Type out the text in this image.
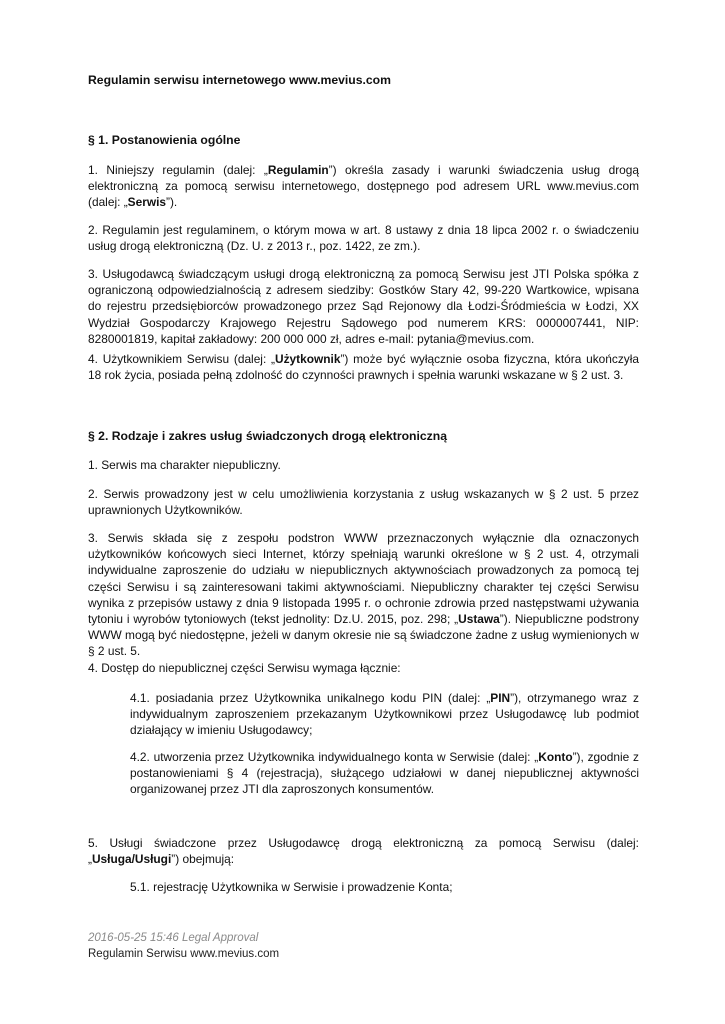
Regulamin serwisu internetowego www.mevius.com

§ 1. Postanowienia ogólne

1. Niniejszy regulamin (dalej: „Regulamin”) określa zasady i warunki świadczenia usług drogą elektroniczną za pomocą serwisu internetowego, dostępnego pod adresem URL www.mevius.com (dalej: „Serwis”).

2. Regulamin jest regulaminem, o którym mowa w art. 8 ustawy z dnia 18 lipca 2002 r. o świadczeniu usług drogą elektroniczną (Dz. U. z 2013 r., poz. 1422, ze zm.).

3. Usługodawcą świadczącym usługi drogą elektroniczną za pomocą Serwisu jest JTI Polska spółka z ograniczoną odpowiedzialnością z adresem siedziby: Gostków Stary 42, 99-220 Wartkowice, wpisana do rejestru przedsiębiorców prowadzonego przez Sąd Rejonowy dla Łodzi-Śródmieścia w Łodzi, XX Wydział Gospodarczy Krajowego Rejestru Sądowego pod numerem KRS: 0000007441, NIP: 8280001819, kapitał zakładowy: 200 000 000 zł, adres e-mail: pytania@mevius.com.

4. Użytkownikiem Serwisu (dalej: „Użytkownik”) może być wyłącznie osoba fizyczna, która ukończyła 18 rok życia, posiada pełną zdolność do czynności prawnych i spełnia warunki wskazane w § 2 ust. 3.

§ 2. Rodzaje i zakres usług świadczonych drogą elektroniczną

1. Serwis ma charakter niepubliczny.

2. Serwis prowadzony jest w celu umożliwienia korzystania z usług wskazanych w § 2 ust. 5 przez uprawnionych Użytkowników.

3. Serwis składa się z zespołu podstron WWW przeznaczonych wyłącznie dla oznaczonych użytkowników końcowych sieci Internet, którzy spełniają warunki określone w § 2 ust. 4, otrzymali indywidualne zaproszenie do udziału w niepublicznych aktywnościach prowadzonych za pomocą tej części Serwisu i są zainteresowani takimi aktywnościami. Niepubliczny charakter tej części Serwisu wynika z przepisów ustawy z dnia 9 listopada 1995 r. o ochronie zdrowia przed następstwami używania tytoniu i wyrobów tytoniowych (tekst jednolity: Dz.U. 2015, poz. 298; „Ustawa”). Niepubliczne podstrony WWW mogą być niedostępne, jeżeli w danym okresie nie są świadczone żadne z usług wymienionych w § 2 ust. 5.

4. Dostęp do niepublicznej części Serwisu wymaga łącznie:

4.1. posiadania przez Użytkownika unikalnego kodu PIN (dalej: „PIN”), otrzymanego wraz z indywidualnym zaproszeniem przekazanym Użytkownikowi przez Usługodawcę lub podmiot działający w imieniu Usługodawcy;

4.2. utworzenia przez Użytkownika indywidualnego konta w Serwisie (dalej: „Konto”), zgodnie z postanowieniami § 4 (rejestracja), służącego udziałowi w danej niepublicznej aktywności organizowanej przez JTI dla zaproszonych konsumentów.

5. Usługi świadczone przez Usługodawcę drogą elektroniczną za pomocą Serwisu (dalej: „Usługa/Usługi”) obejmują:

5.1. rejestrację Użytkownika w Serwisie i prowadzenie Konta;

2016-05-25 15:46 Legal Approval

Regulamin Serwisu www.mevius.com
